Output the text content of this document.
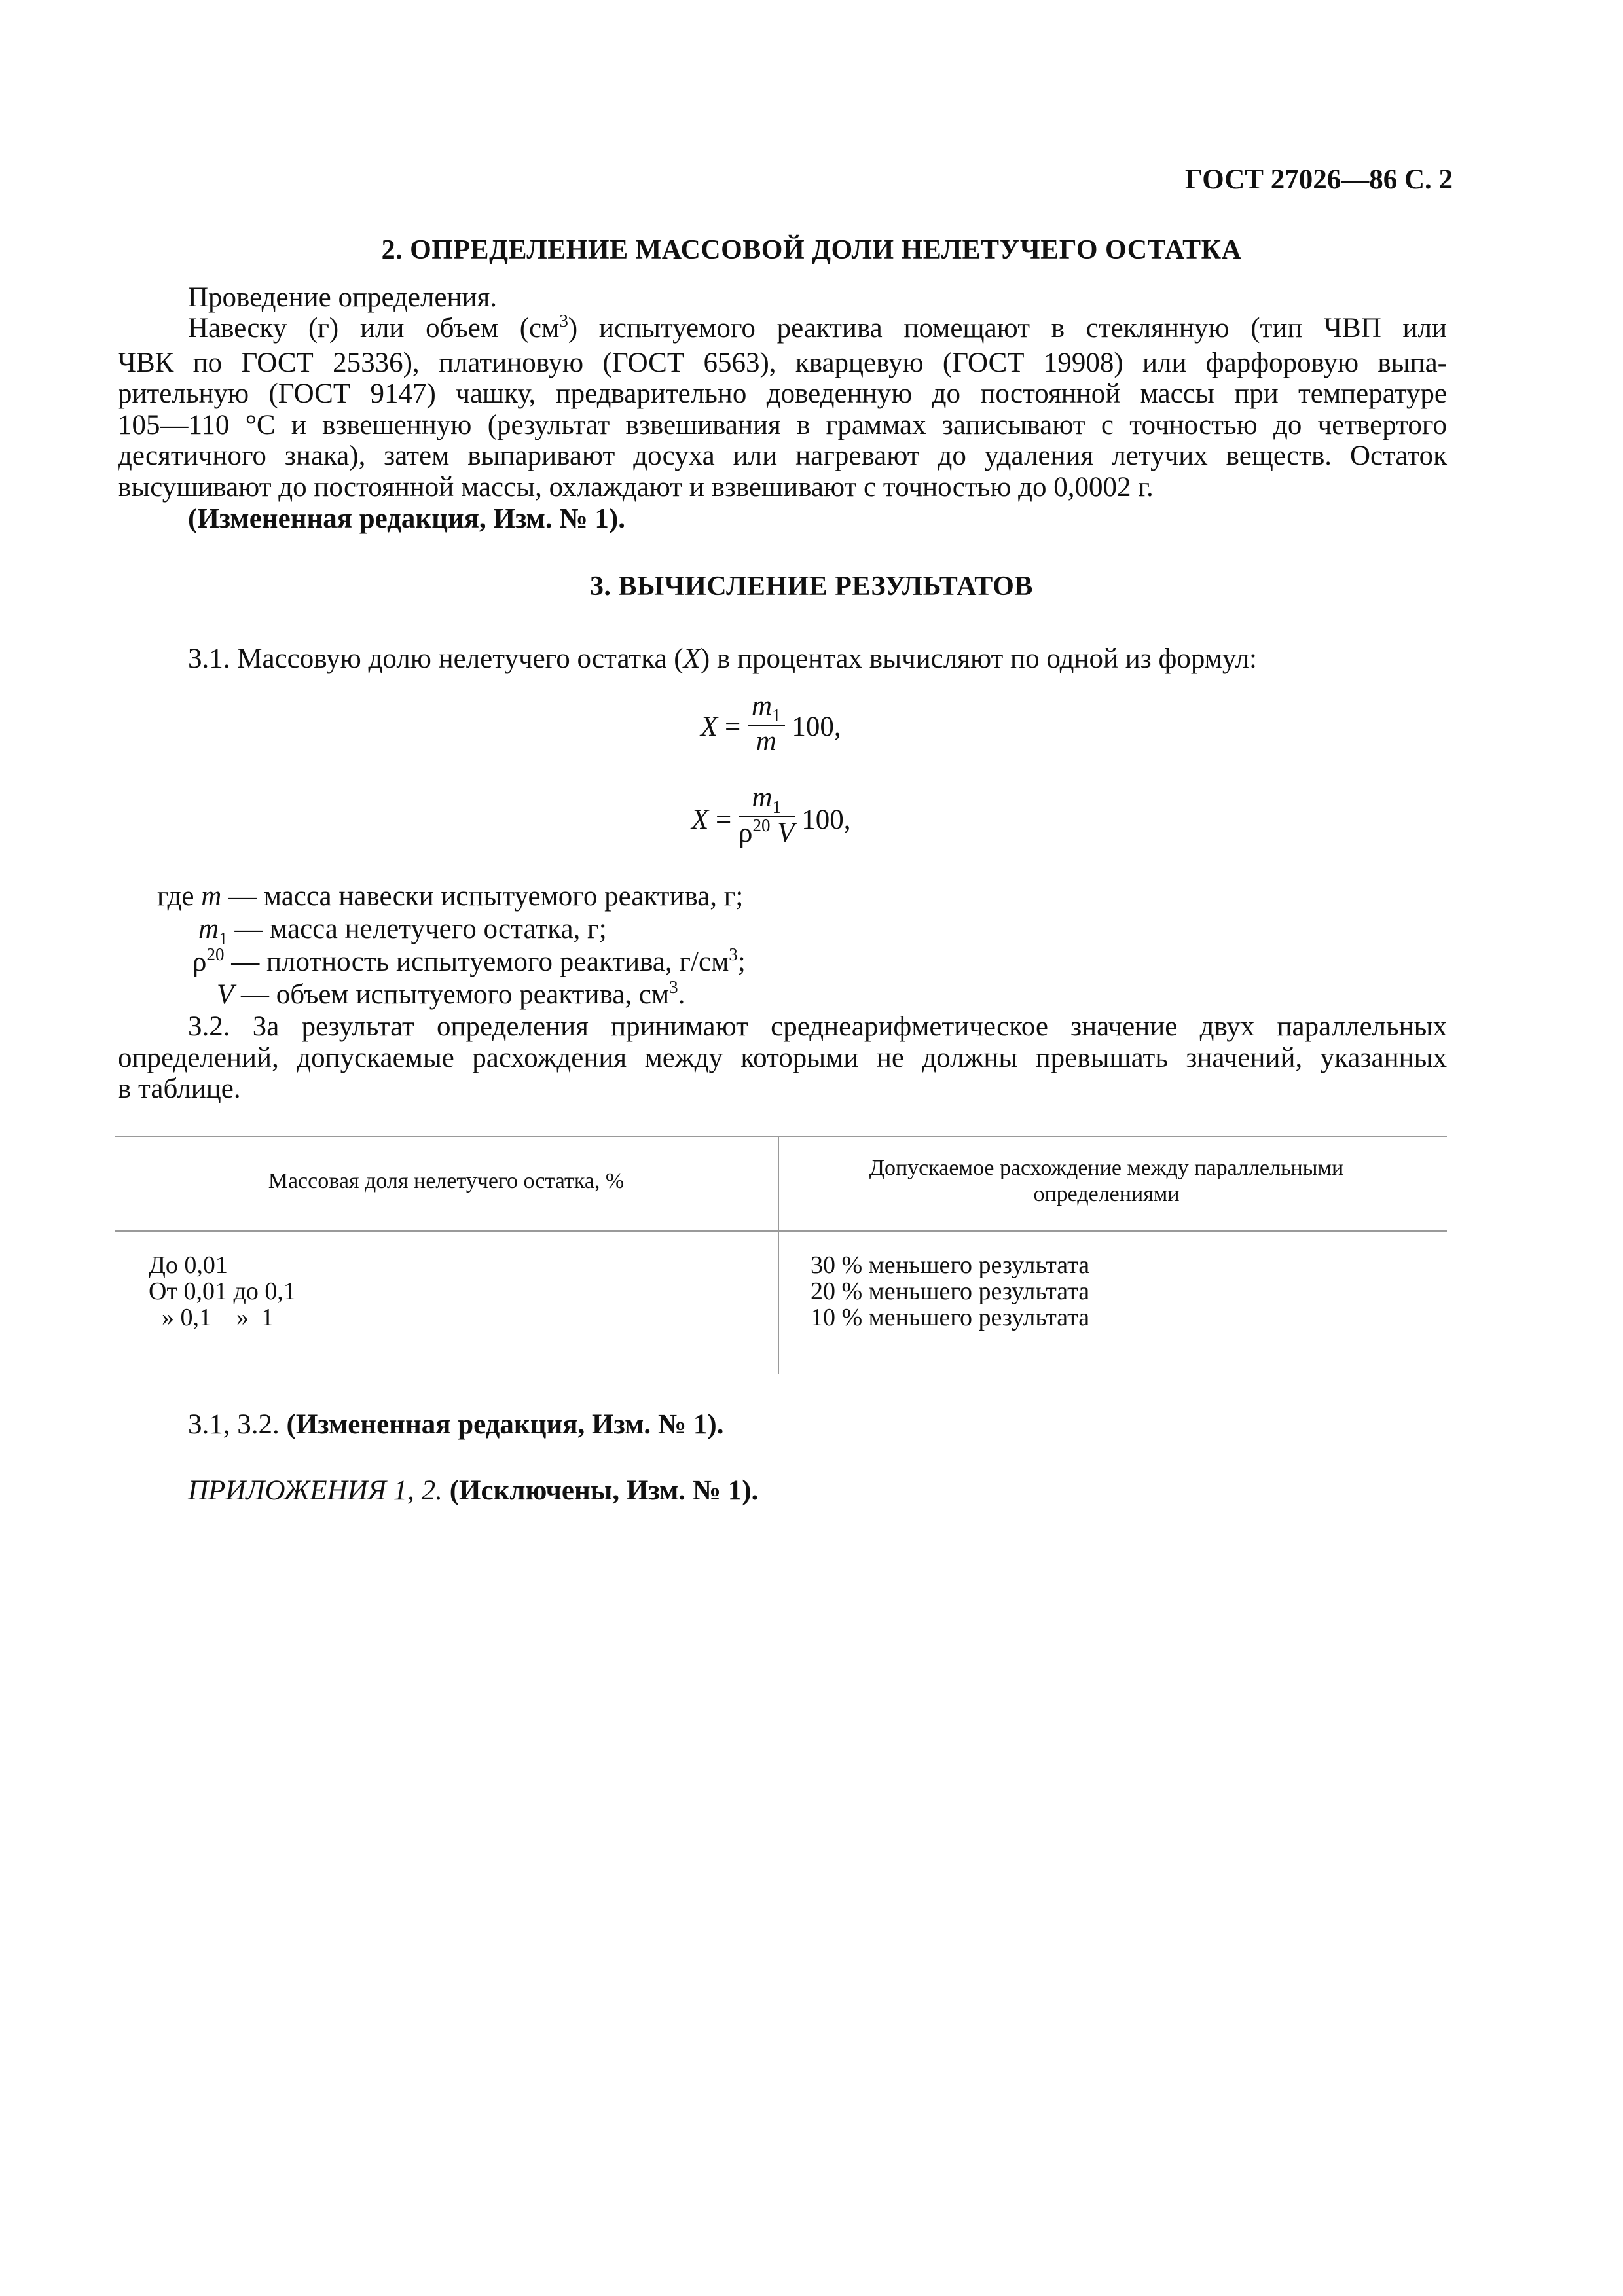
ГОСТ 27026—86 С. 2
2. ОПРЕДЕЛЕНИЕ МАССОВОЙ ДОЛИ НЕЛЕТУЧЕГО ОСТАТКА
Проведение определения.
Навеску (г) или объем $(см^3)$ испытуемого реактива помещают в стеклянную (тип ЧВП или
ЧВК по ГОСТ 25336), платиновую (ГОСТ 6563), кварцевую (ГОСТ 19908) или фарфоровую выпа-
рительную (ГОСТ 9147) чашку, предварительно доведенную до постоянной массы при температуре
105—110 °С и взвешенную (результат взвешивания в граммах записывают с точностью до четвертого
десятичного знака), затем выпаривают досуха или нагревают до удаления летучих веществ. Остаток
высушивают до постоянной массы, охлаждают и взвешивают с точностью до 0,0002 г.
(Измененная редакция, Изм. № 1).
3. ВЫЧИСЛЕНИЕ РЕЗУЛЬТАТОВ
3.1. Массовую долю нелетучего остатка (X) в процентах вычисляют по одной из формул:
$X = \frac{m_1}{m} 100$,
$X = \frac{m_1}{\rho^{20} V} 100$,
где m — масса навески испытуемого реактива, г;
$m_1$ — масса нелетучего остатка, г;
$\rho^{20}$ — плотность испытуемого реактива, $г/см^3$;
V — объем испытуемого реактива, $см^3$.
3.2. За результат определения принимают среднеарифметическое значение двух параллельных
определений, допускаемые расхождения между которыми не должны превышать значений, указанных
в таблице.
Массовая доля нелетучего остатка, %
Допускаемое расхождение между параллельными определениями
До 0,01
От 0,01 до 0,1
» 0,1    »  1
30 % меньшего результата
20 % меньшего результата
10 % меньшего результата
3.1, 3.2. (Измененная редакция, Изм. № 1).
ПРИЛОЖЕНИЯ 1, 2. (Исключены, Изм. № 1).
